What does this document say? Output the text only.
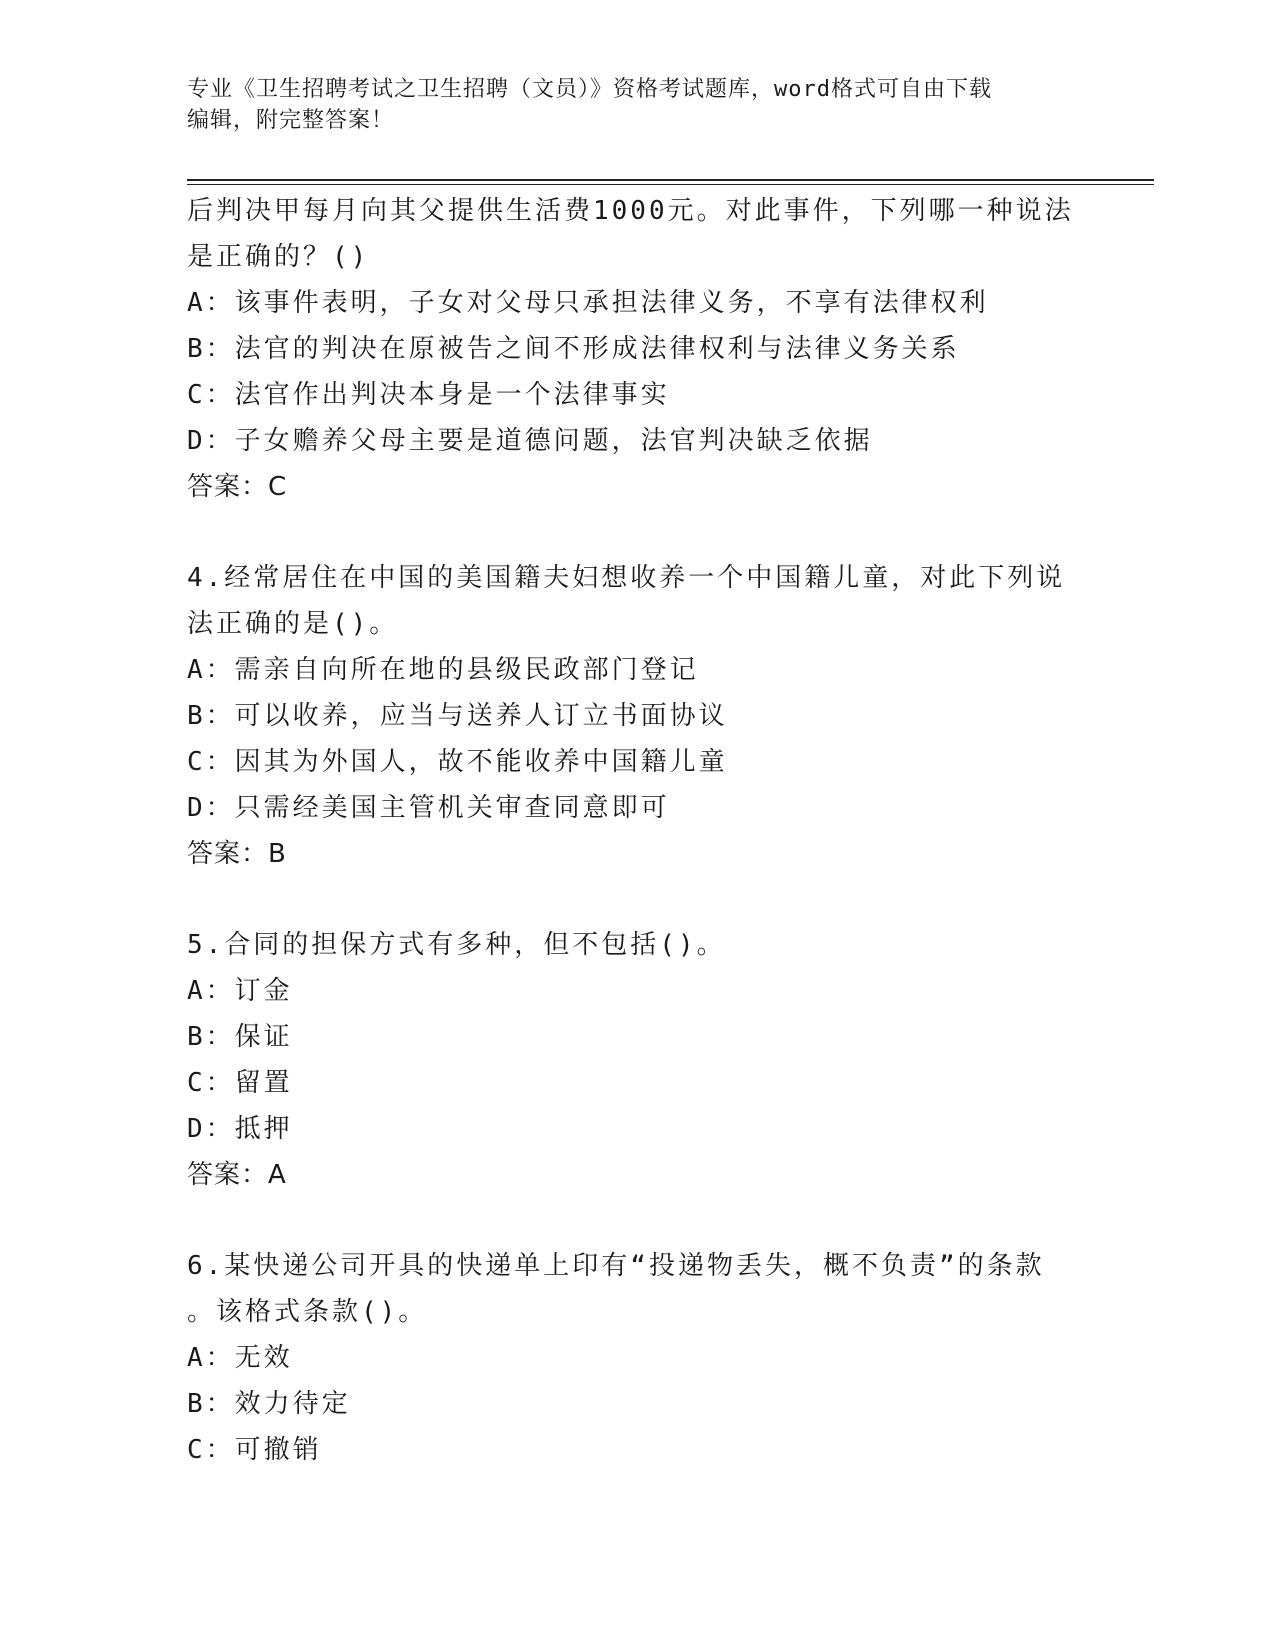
专业《卫生招聘考试之卫生招聘（文员）》资格考试题库，word格式可自由下载
编辑，附完整答案！
后判决甲每月向其父提供生活费1000元。对此事件，下列哪一种说法
是正确的？()
A：该事件表明，子女对父母只承担法律义务，不享有法律权利
B：法官的判决在原被告之间不形成法律权利与法律义务关系
C：法官作出判决本身是一个法律事实
D：子女赡养父母主要是道德问题，法官判决缺乏依据
答案：C
4.经常居住在中国的美国籍夫妇想收养一个中国籍儿童，对此下列说
法正确的是()。
A：需亲自向所在地的县级民政部门登记
B：可以收养，应当与送养人订立书面协议
C：因其为外国人，故不能收养中国籍儿童
D：只需经美国主管机关审查同意即可
答案：B
5.合同的担保方式有多种，但不包括()。
A：订金
B：保证
C：留置
D：抵押
答案：A
6.某快递公司开具的快递单上印有“投递物丢失，概不负责”的条款
。该格式条款()。
A：无效
B：效力待定
C：可撤销
